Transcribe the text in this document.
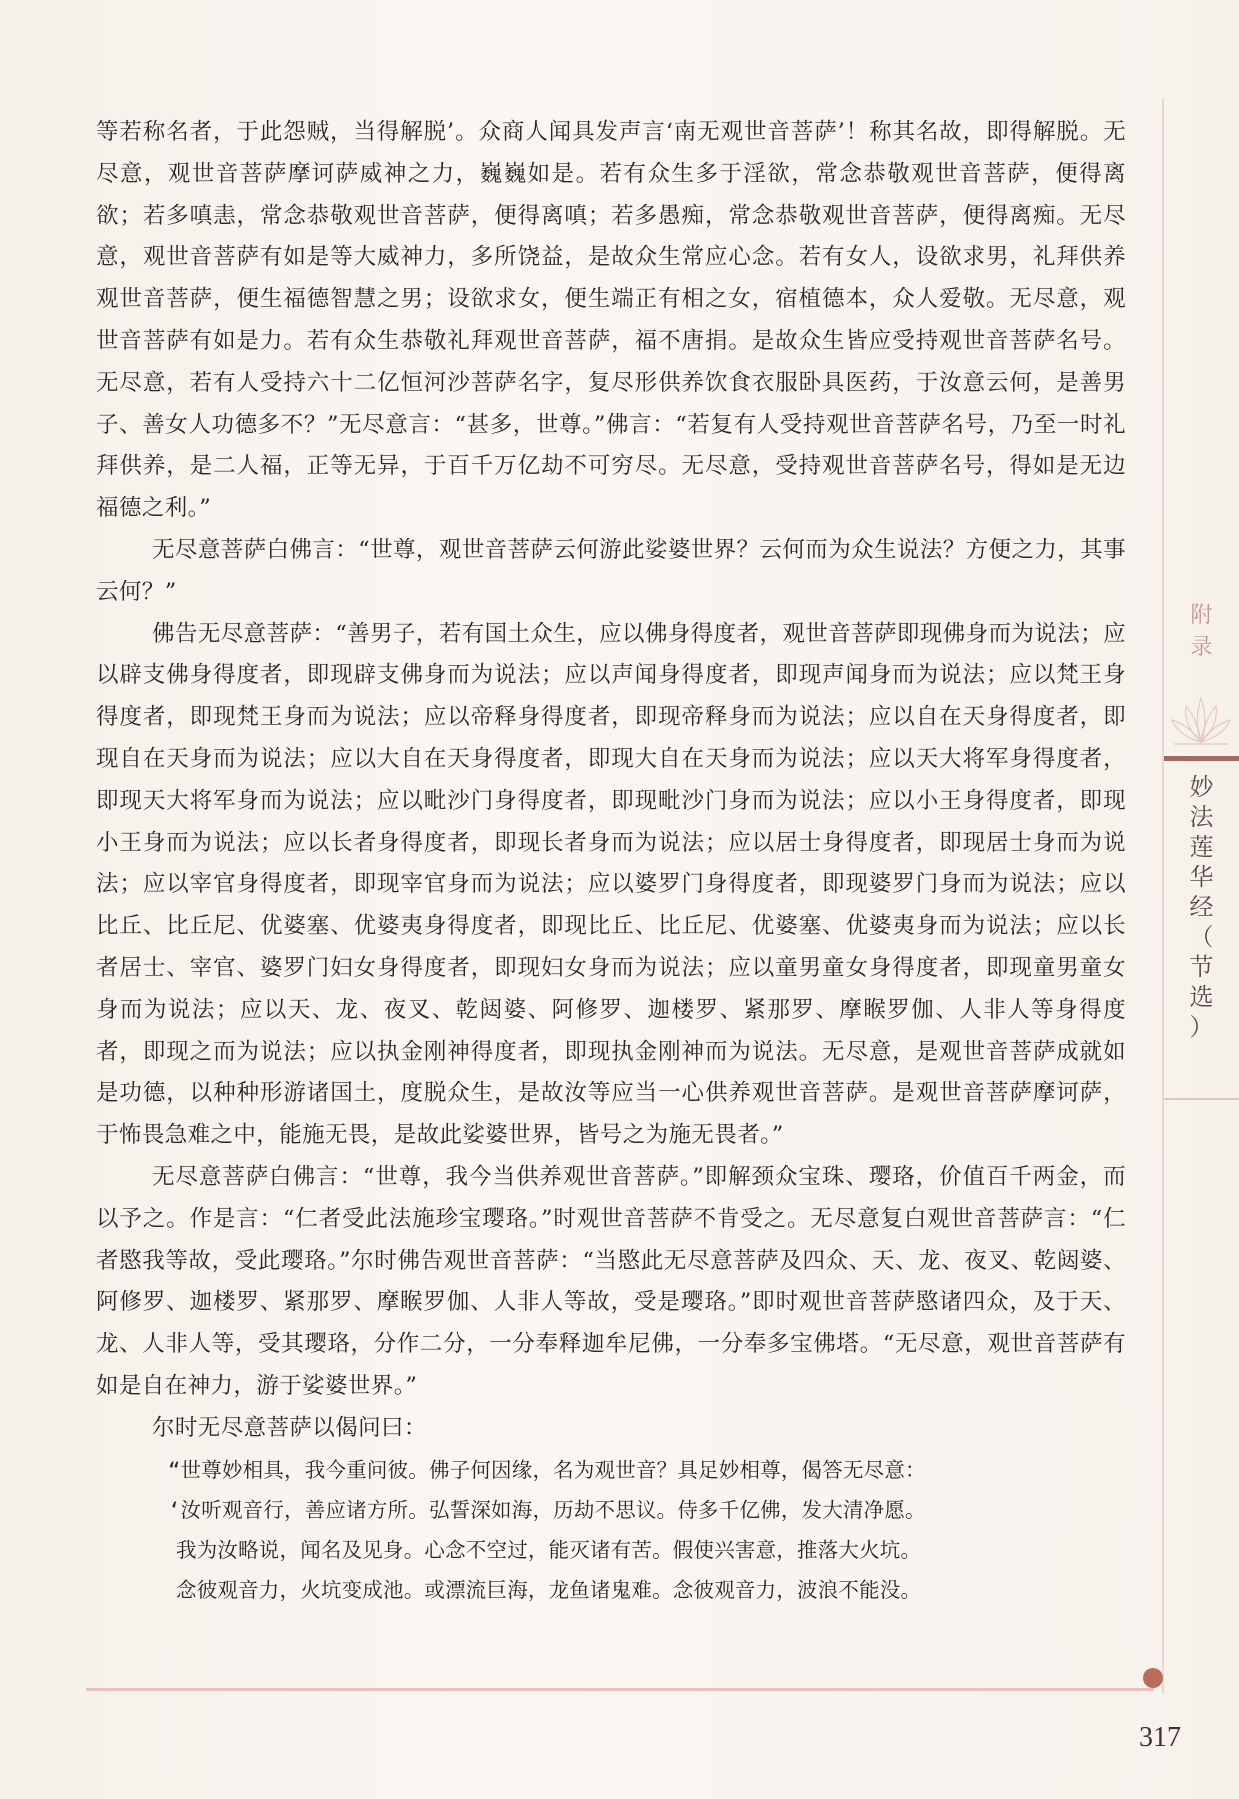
等若称名者，于此怨贼，当得解脱’。众商人闻具发声言‘南无观世音菩萨’！称其名故，即得解脱。无尽意，观世音菩萨摩诃萨威神之力，巍巍如是。若有众生多于淫欲，常念恭敬观世音菩萨，便得离欲；若多嗔恚，常念恭敬观世音菩萨，便得离嗔；若多愚痴，常念恭敬观世音菩萨，便得离痴。无尽意，观世音菩萨有如是等大威神力，多所饶益，是故众生常应心念。若有女人，设欲求男，礼拜供养观世音菩萨，便生福德智慧之男；设欲求女，便生端正有相之女，宿植德本，众人爱敬。无尽意，观世音菩萨有如是力。若有众生恭敬礼拜观世音菩萨，福不唐捐。是故众生皆应受持观世音菩萨名号。无尽意，若有人受持六十二亿恒河沙菩萨名字，复尽形供养饮食衣服卧具医药，于汝意云何，是善男子、善女人功德多不？”无尽意言：“甚多，世尊。”佛言：“若复有人受持观世音菩萨名号，乃至一时礼拜供养，是二人福，正等无异，于百千万亿劫不可穷尽。无尽意，受持观世音菩萨名号，得如是无边福德之利。”

无尽意菩萨白佛言：“世尊，观世音菩萨云何游此娑婆世界？云何而为众生说法？方便之力，其事云何？”

佛告无尽意菩萨：“善男子，若有国土众生，应以佛身得度者，观世音菩萨即现佛身而为说法；应以辟支佛身得度者，即现辟支佛身而为说法；应以声闻身得度者，即现声闻身而为说法；应以梵王身得度者，即现梵王身而为说法；应以帝释身得度者，即现帝释身而为说法；应以自在天身得度者，即现自在天身而为说法；应以大自在天身得度者，即现大自在天身而为说法；应以天大将军身得度者，即现天大将军身而为说法；应以毗沙门身得度者，即现毗沙门身而为说法；应以小王身得度者，即现小王身而为说法；应以长者身得度者，即现长者身而为说法；应以居士身得度者，即现居士身而为说法；应以宰官身得度者，即现宰官身而为说法；应以婆罗门身得度者，即现婆罗门身而为说法；应以比丘、比丘尼、优婆塞、优婆夷身得度者，即现比丘、比丘尼、优婆塞、优婆夷身而为说法；应以长者居士、宰官、婆罗门妇女身得度者，即现妇女身而为说法；应以童男童女身得度者，即现童男童女身而为说法；应以天、龙、夜叉、乾闼婆、阿修罗、迦楼罗、紧那罗、摩睺罗伽、人非人等身得度者，即现之而为说法；应以执金刚神得度者，即现执金刚神而为说法。无尽意，是观世音菩萨成就如是功德，以种种形游诸国土，度脱众生，是故汝等应当一心供养观世音菩萨。是观世音菩萨摩诃萨，于怖畏急难之中，能施无畏，是故此娑婆世界，皆号之为施无畏者。”

无尽意菩萨白佛言：“世尊，我今当供养观世音菩萨。”即解颈众宝珠、璎珞，价值百千两金，而以予之。作是言：“仁者受此法施珍宝璎珞。”时观世音菩萨不肯受之。无尽意复白观世音菩萨言：“仁者愍我等故，受此璎珞。”尔时佛告观世音菩萨：“当愍此无尽意菩萨及四众、天、龙、夜叉、乾闼婆、阿修罗、迦楼罗、紧那罗、摩睺罗伽、人非人等故，受是璎珞。”即时观世音菩萨愍诸四众，及于天、龙、人非人等，受其璎珞，分作二分，一分奉释迦牟尼佛，一分奉多宝佛塔。“无尽意，观世音菩萨有如是自在神力，游于娑婆世界。”

尔时无尽意菩萨以偈问曰：

“世尊妙相具，我今重问彼。佛子何因缘，名为观世音？具足妙相尊，偈答无尽意：

‘汝听观音行，善应诸方所。弘誓深如海，历劫不思议。侍多千亿佛，发大清净愿。

我为汝略说，闻名及见身。心念不空过，能灭诸有苦。假使兴害意，推落大火坑。

念彼观音力，火坑变成池。或漂流巨海，龙鱼诸鬼难。念彼观音力，波浪不能没。

附
录
妙
法
莲
华
经
（
节
选
）
317
